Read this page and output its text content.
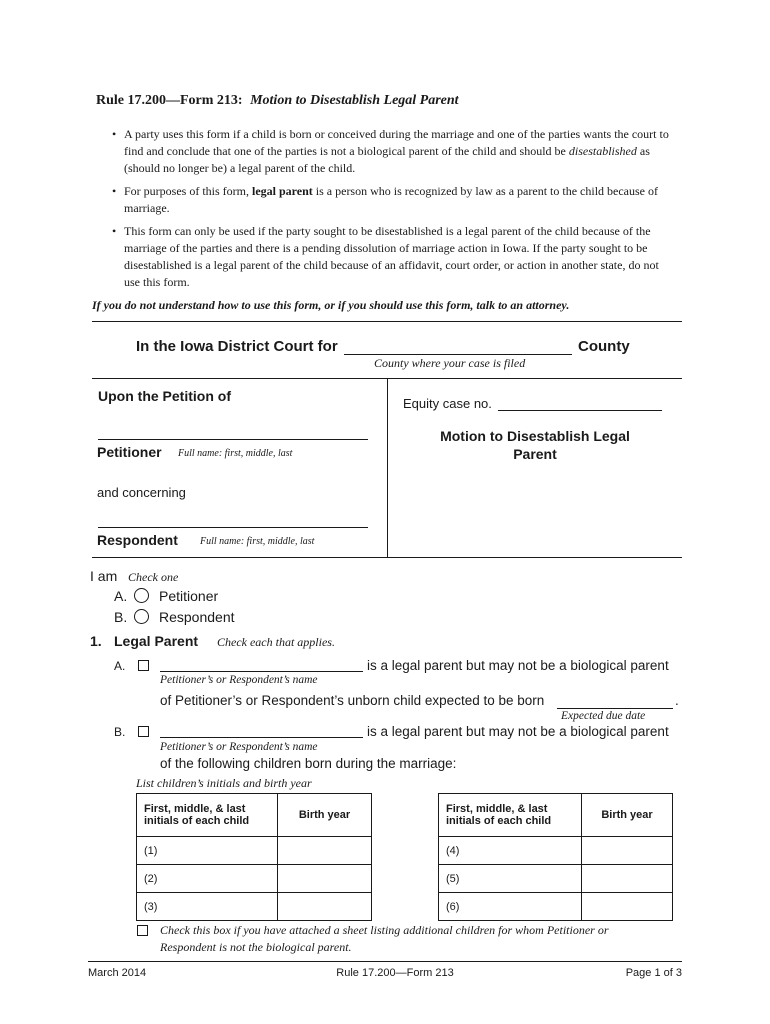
Rule 17.200—Form 213: Motion to Disestablish Legal Parent
• A party uses this form if a child is born or conceived during the marriage and one of the parties wants the court to find and conclude that one of the parties is not a biological parent of the child and should be disestablished as (should no longer be) a legal parent of the child.
• For purposes of this form, legal parent is a person who is recognized by law as a parent to the child because of marriage.
• This form can only be used if the party sought to be disestablished is a legal parent of the child because of the marriage of the parties and there is a pending dissolution of marriage action in Iowa. If the party sought to be disestablished is a legal parent of the child because of an affidavit, court order, or action in another state, do not use this form.
If you do not understand how to use this form, or if you should use this form, talk to an attorney.
In the Iowa District Court for	County
County where your case is filed
Upon the Petition of
Petitioner Full name: first, middle, last
and concerning
Respondent Full name: first, middle, last
Equity case no.
Motion to Disestablish Legal
Parent
I am Check one
A. Petitioner
B. Respondent
1. Legal Parent Check each that applies.
A.	is a legal parent but may not be a biological parent
Petitioner’s or Respondent’s name
of Petitioner’s or Respondent’s unborn child expected to be born	.
Expected due date
B.	is a legal parent but may not be a biological parent
Petitioner’s or Respondent’s name
of the following children born during the marriage:
List children’s initials and birth year
First, middle, & last
initials of each child	Birth year
(1)	
(2)	
(3)	
First, middle, & last
initials of each child	Birth year
(4)	
(5)	
(6)	
Check this box if you have attached a sheet listing additional children for whom Petitioner or
Respondent is not the biological parent.
March 2014	Rule 17.200—Form 213	Page 1 of 3
